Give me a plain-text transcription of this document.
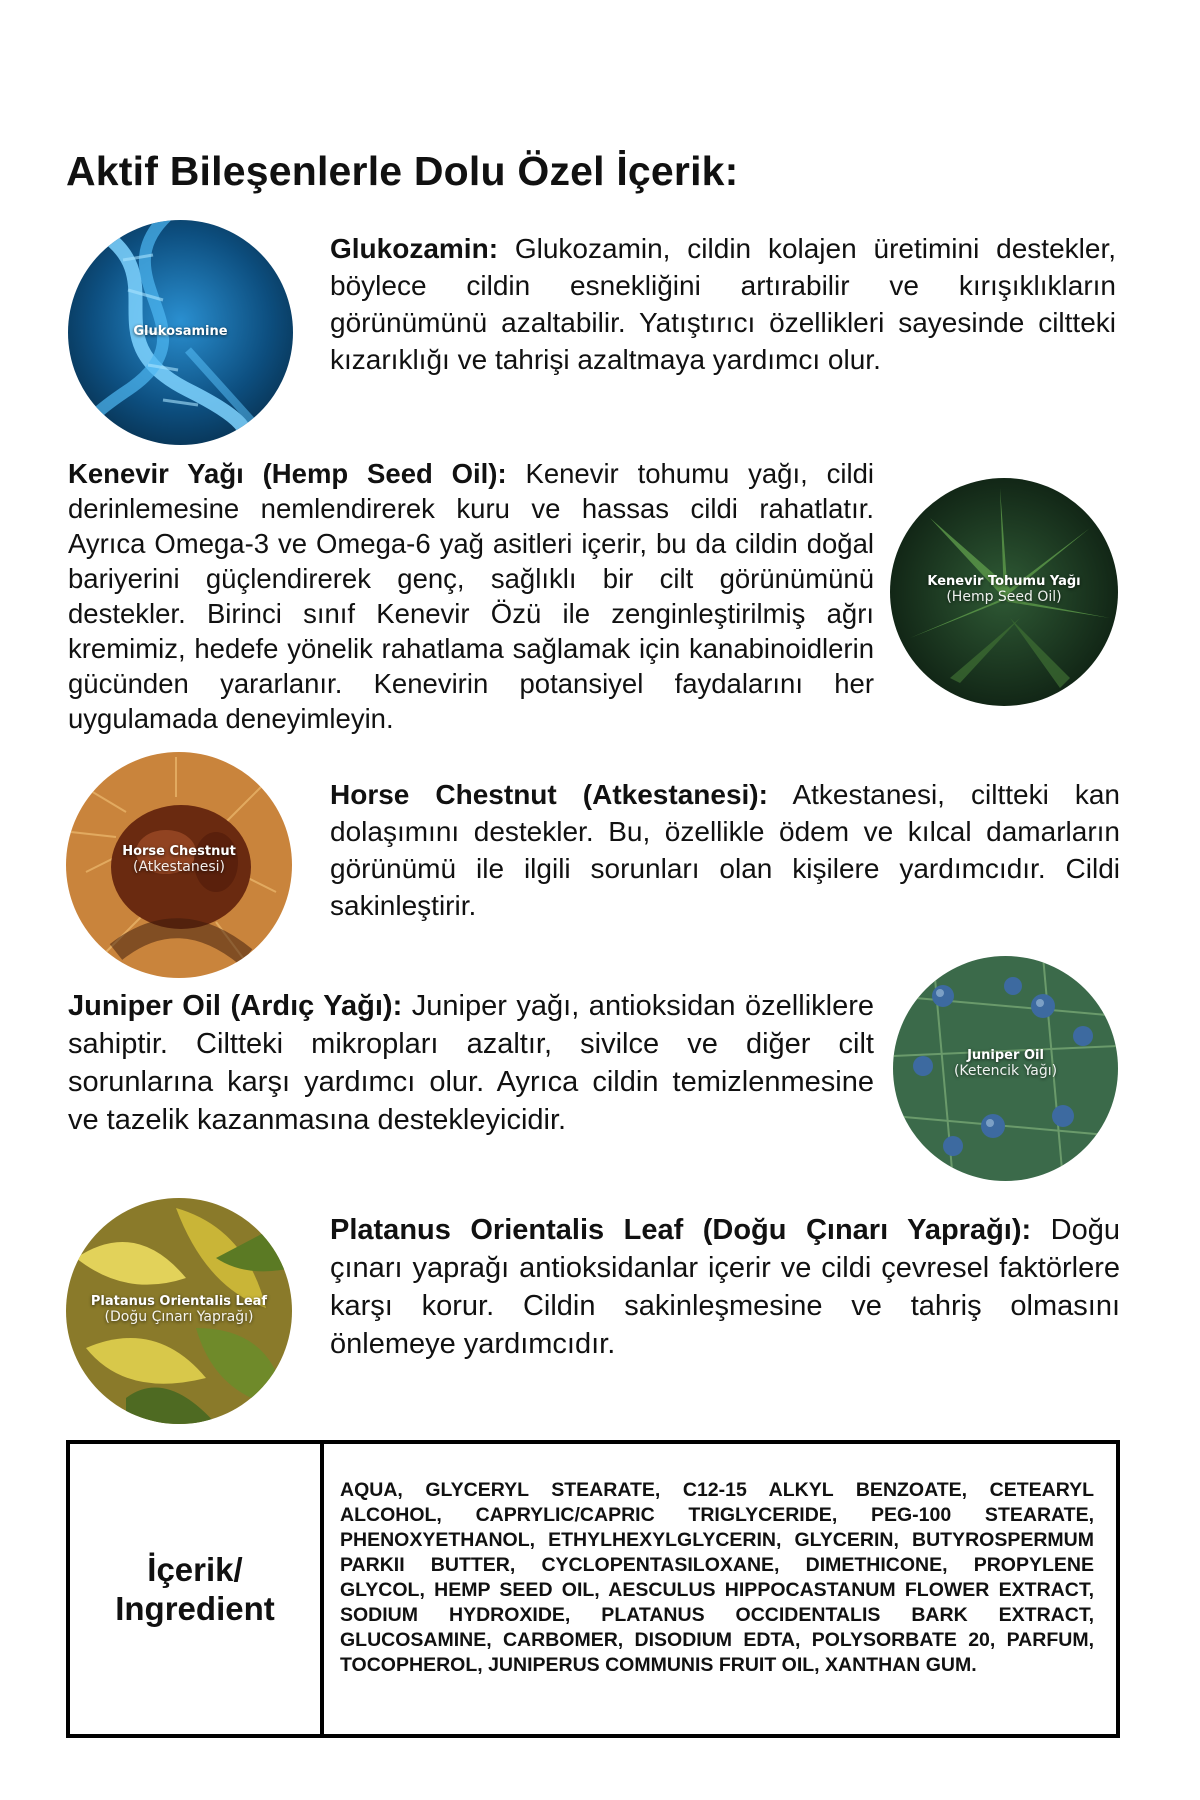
Aktif Bileşenlerle Dolu Özel İçerik:
Glukosamine

Glukozamin: Glukozamin, cildin kolajen üretimini destekler, böylece cildin esnekliğini artırabilir ve kırışıklıkların görünümünü azaltabilir. Yatıştırıcı özellikleri sayesinde ciltteki kızarıklığı ve tahrişi azaltmaya yardımcı olur.

Kenevir Yağı (Hemp Seed Oil): Kenevir tohumu yağı, cildi derinlemesine nemlendirerek kuru ve hassas cildi rahatlatır. Ayrıca Omega-3 ve Omega-6 yağ asitleri içerir, bu da cildin doğal bariyerini güçlendirerek genç, sağlıklı bir cilt görünümünü destekler. Birinci sınıf Kenevir Özü ile zenginleştirilmiş ağrı kremimiz, hedefe yönelik rahatlama sağlamak için kanabinoidlerin gücünden yararlanır. Kenevirin potansiyel faydalarını her uygulamada deneyimleyin.

Kenevir Tohumu Yağı
(Hemp Seed Oil)
Horse Chestnut
(Atkestanesi)

Horse Chestnut (Atkestanesi): Atkestanesi, ciltteki kan dolaşımını destekler. Bu, özellikle ödem ve kılcal damarların görünümü ile ilgili sorunları olan kişilere yardımcıdır. Cildi sakinleştirir.

Juniper Oil (Ardıç Yağı): Juniper yağı, antioksidan özelliklere sahiptir. Ciltteki mikropları azaltır, sivilce ve diğer cilt sorunlarına karşı yardımcı olur. Ayrıca cildin temizlenmesine ve tazelik kazanmasına destekleyicidir.

Juniper Oil
(Ketencik Yağı)
Platanus Orientalis Leaf
(Doğu Çınarı Yaprağı)

Platanus Orientalis Leaf (Doğu Çınarı Yaprağı): Doğu çınarı yaprağı antioksidanlar içerir ve cildi çevresel faktörlere karşı korur. Cildin sakinleşmesine ve tahriş olmasını önlemeye yardımcıdır.

İçerik/
Ingredient
AQUA, GLYCERYL STEARATE, C12-15 ALKYL BENZOATE, CETEARYL ALCOHOL, CAPRYLIC/CAPRIC TRIGLYCERIDE, PEG-100 STEARATE, PHENOXYETHANOL, ETHYLHEXYLGLYCERIN, GLYCERIN, BUTYROSPERMUM PARKII BUTTER, CYCLOPENTASILOXANE, DIMETHICONE, PROPYLENE GLYCOL, HEMP SEED OIL, AESCULUS HIPPOCASTANUM FLOWER EXTRACT, SODIUM HYDROXIDE, PLATANUS OCCIDENTALIS BARK EXTRACT, GLUCOSAMINE, CARBOMER, DISODIUM EDTA, POLYSORBATE 20, PARFUM, TOCOPHEROL, JUNIPERUS COMMUNIS FRUIT OIL, XANTHAN GUM.
